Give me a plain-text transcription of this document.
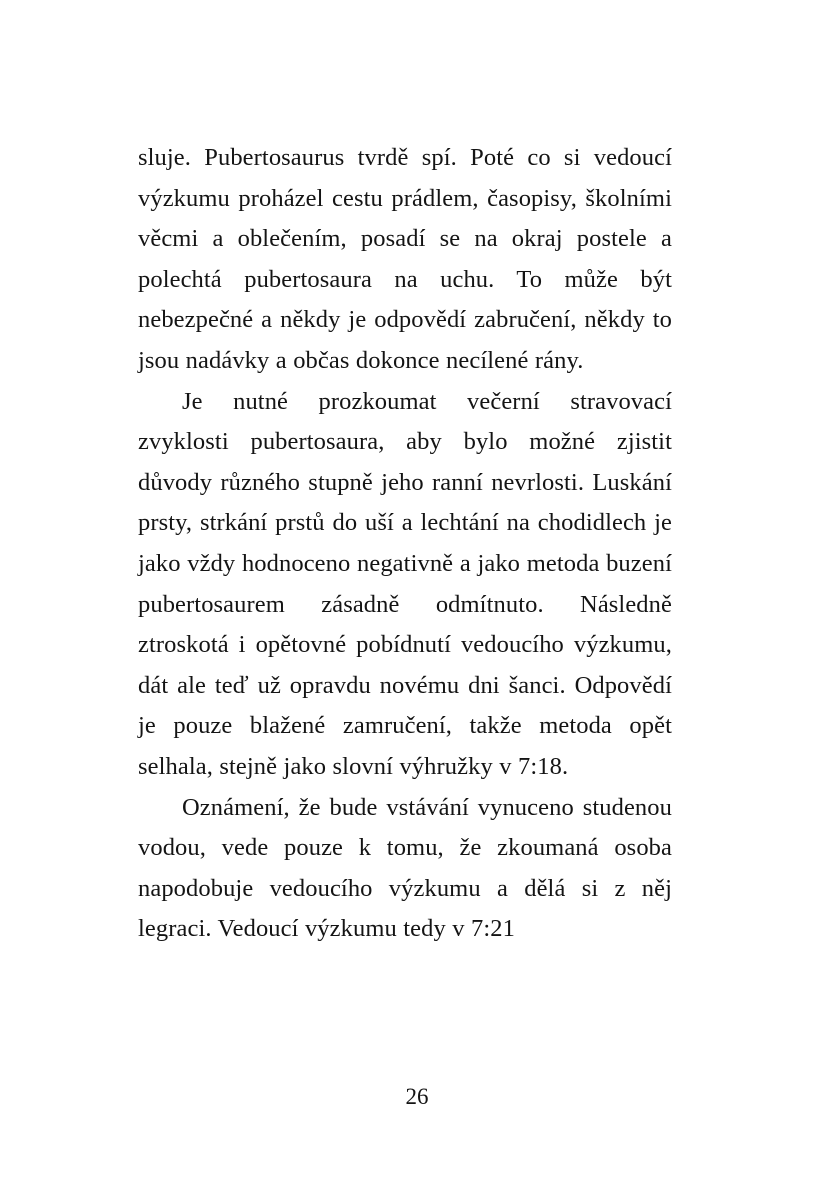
sluje. Pubertosaurus tvrdě spí. Poté co si vedoucí výzkumu proházel cestu prádlem, časopisy, školními věcmi a oblečením, posadí se na okraj postele a polechtá pubertosaura na uchu. To může být nebezpečné a někdy je odpovědí zabručení, někdy to jsou nadávky a občas dokonce necílené rány.

Je nutné prozkoumat večerní stravovací zvyklosti pubertosaura, aby bylo možné zjistit důvody různého stupně jeho ranní nevrlosti. Luskání prsty, strkání prstů do uší a lechtání na chodidlech je jako vždy hodnoceno negativně a jako metoda buzení pubertosaurem zásadně odmítnuto. Následně ztroskotá i opětovné pobídnutí vedoucího výzkumu, dát ale teď už opravdu novému dni šanci. Odpovědí je pouze blažené zamručení, takže metoda opět selhala, stejně jako slovní výhružky v 7:18.

Oznámení, že bude vstávání vynuceno studenou vodou, vede pouze k tomu, že zkoumaná osoba napodobuje vedoucího výzkumu a dělá si z něj legraci. Vedoucí výzkumu tedy v 7:21

26
